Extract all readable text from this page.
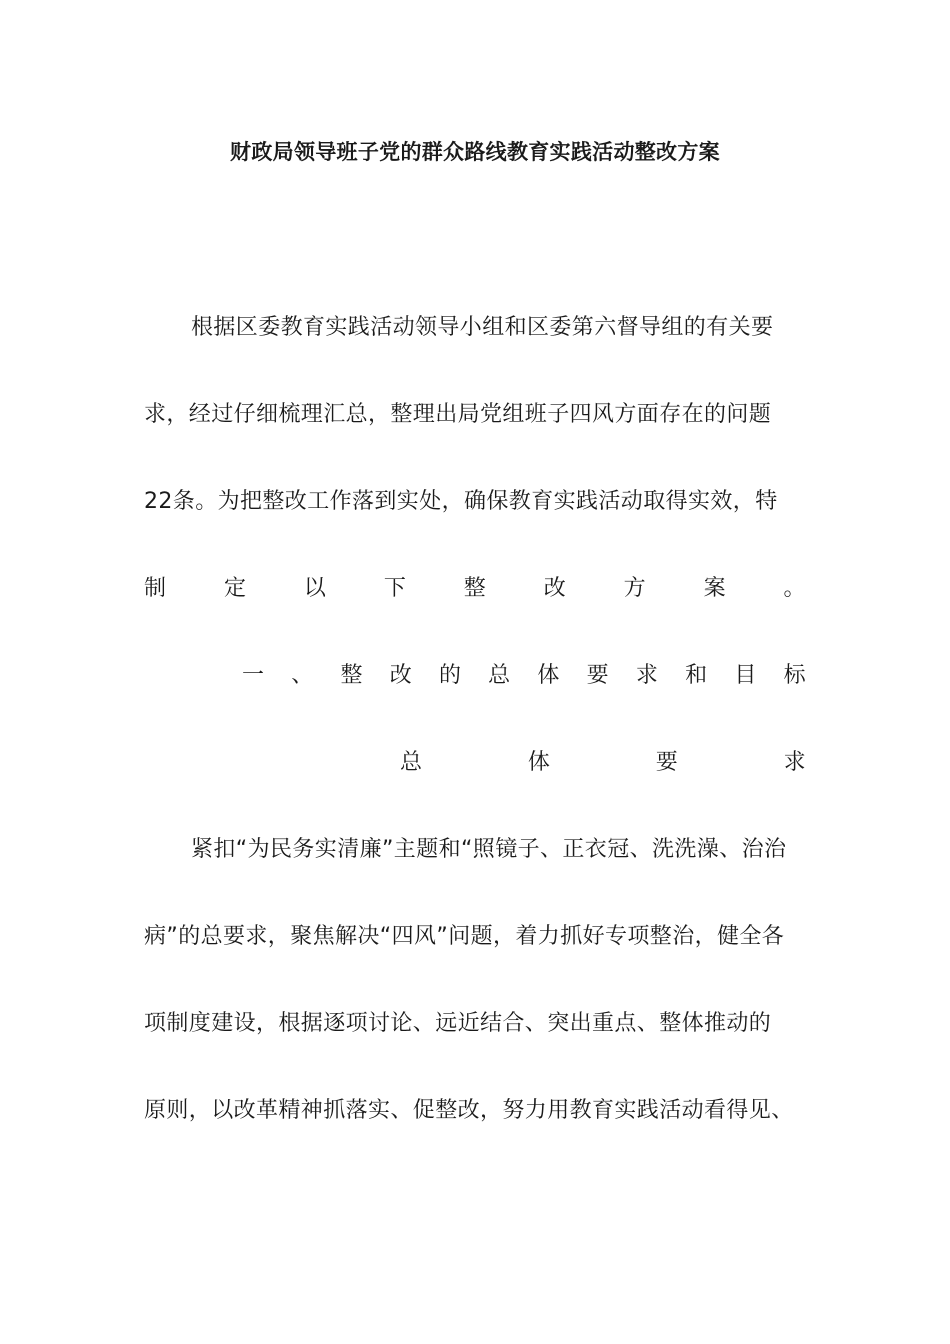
财政局领导班子党的群众路线教育实践活动整改方案
根据区委教育实践活动领导小组和区委第六督导组的有关要
求，经过仔细梳理汇总，整理出局党组班子四风方面存在的问题
22条。为把整改工作落到实处，确保教育实践活动取得实效，特
制	定	以	下	整	改	方	案	。
一 、 整 改 的 总 体 要 求 和 目 标
总	体	要	求
紧扣“为民务实清廉”主题和“照镜子、正衣冠、洗洗澡、治治
病”的总要求，聚焦解决“四风”问题，着力抓好专项整治，健全各
项制度建设，根据逐项讨论、远近结合、突出重点、整体推动的
原则，以改革精神抓落实、促整改，努力用教育实践活动看得见、
